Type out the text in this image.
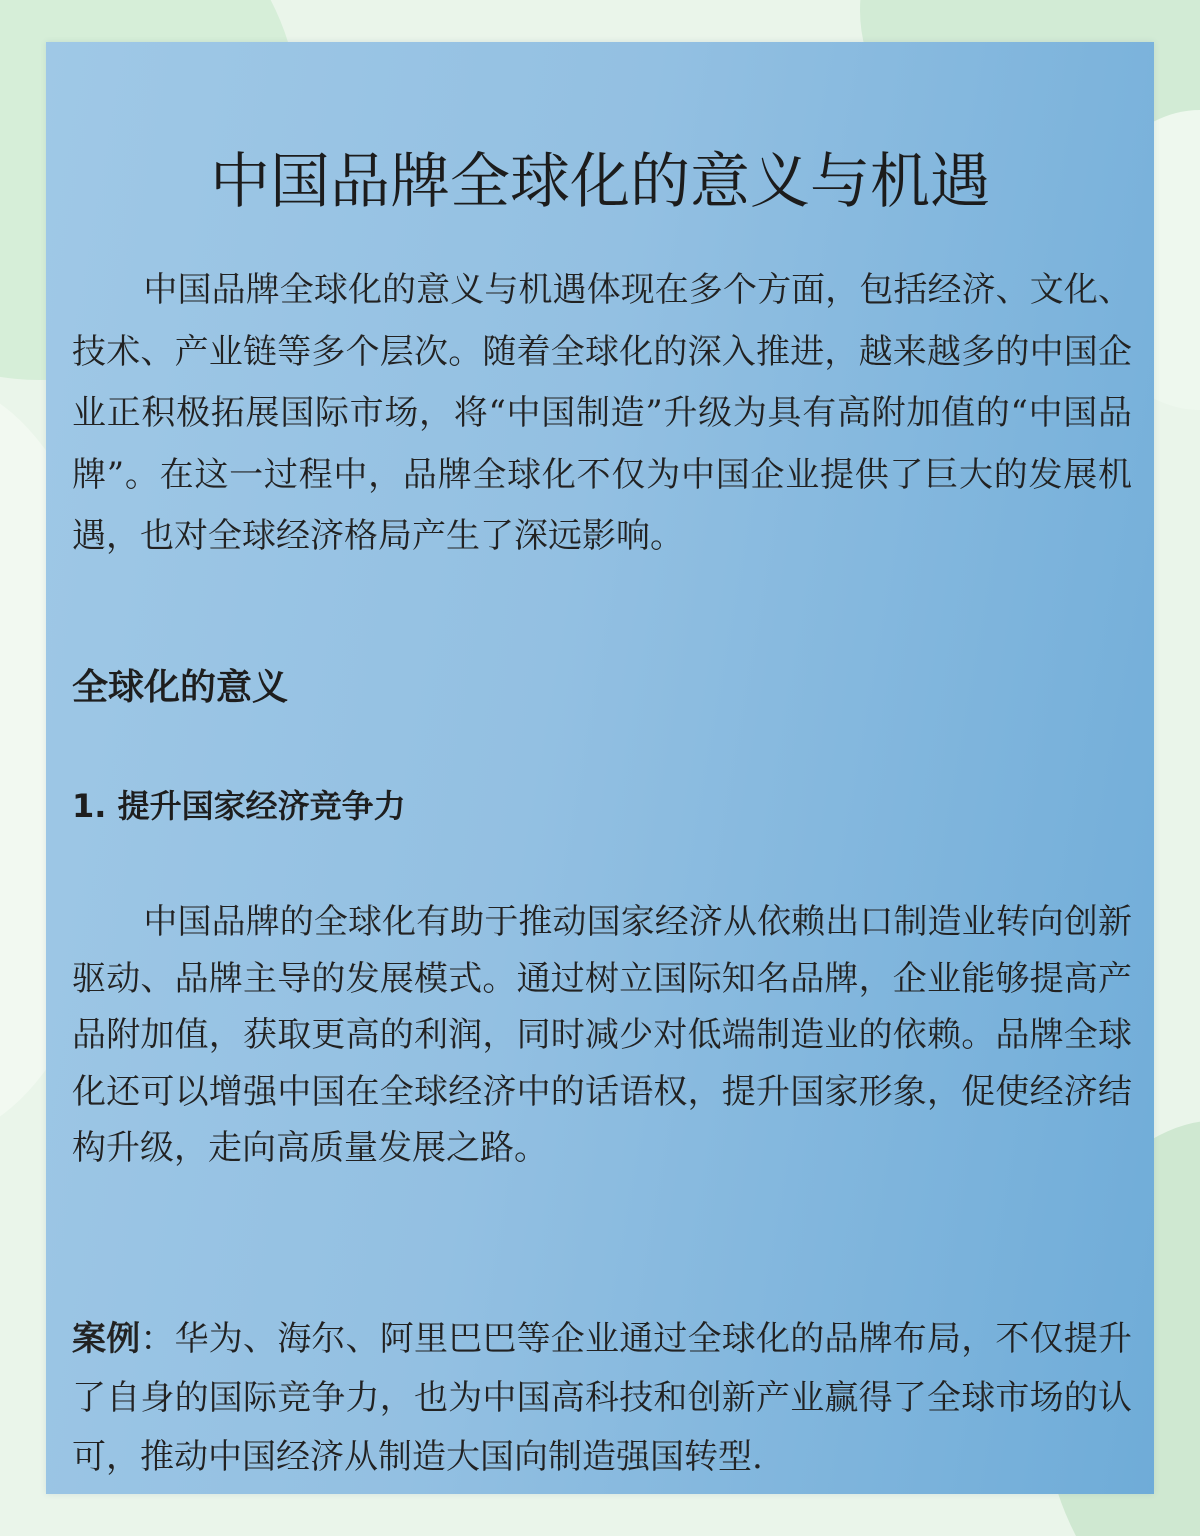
中国品牌全球化的意义与机遇

中国品牌全球化的意义与机遇体现在多个方面，包括经济、文化、技术、产业链等多个层次。随着全球化的深入推进，越来越多的中国企业正积极拓展国际市场，将“中国制造”升级为具有高附加值的“中国品牌”。在这一过程中，品牌全球化不仅为中国企业提供了巨大的发展机遇，也对全球经济格局产生了深远影响。

全球化的意义
1. 提升国家经济竞争力

中国品牌的全球化有助于推动国家经济从依赖出口制造业转向创新驱动、品牌主导的发展模式。通过树立国际知名品牌，企业能够提高产品附加值，获取更高的利润，同时减少对低端制造业的依赖。品牌全球化还可以增强中国在全球经济中的话语权，提升国家形象，促使经济结构升级，走向高质量发展之路。

案例：华为、海尔、阿里巴巴等企业通过全球化的品牌布局，不仅提升了自身的国际竞争力，也为中国高科技和创新产业赢得了全球市场的认可，推动中国经济从制造大国向制造强国转型.
